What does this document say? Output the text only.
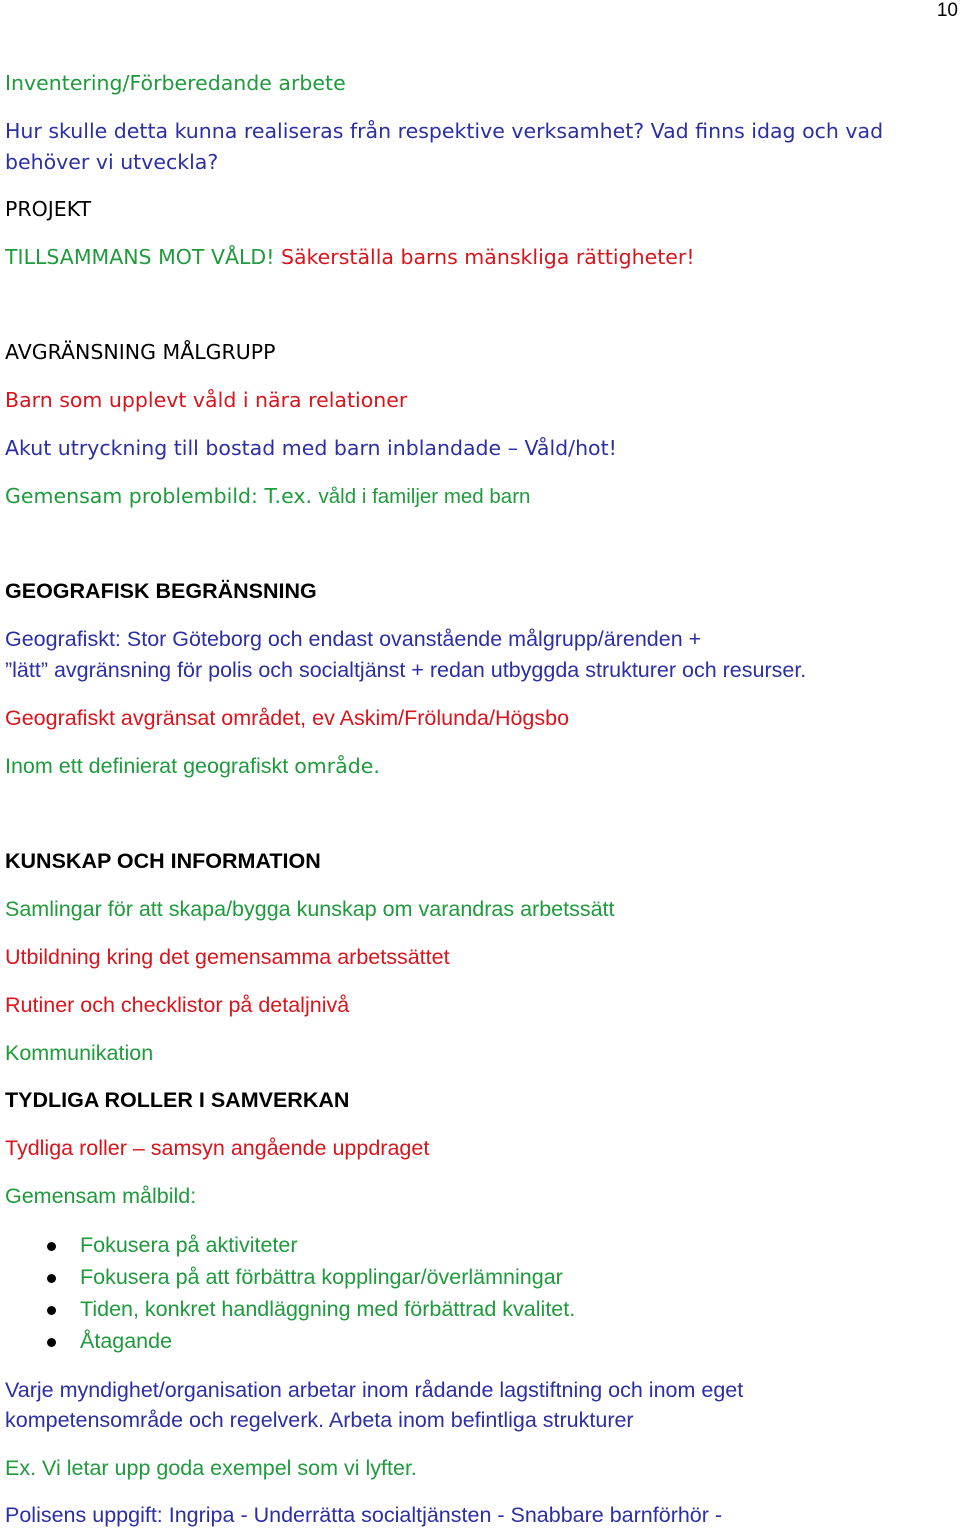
10
Inventering/Förberedande arbete
Hur skulle detta kunna realiseras från respektive verksamhet? Vad finns idag och vad
behöver vi utveckla?
PROJEKT
TILLSAMMANS MOT VÅLD! Säkerställa barns mänskliga rättigheter!
AVGRÄNSNING MÅLGRUPP
Barn som upplevt våld i nära relationer
Akut utryckning till bostad med barn inblandade – Våld/hot!
Gemensam problembild: T.ex. våld i familjer med barn
GEOGRAFISK BEGRÄNSNING
Geografiskt: Stor Göteborg och endast ovanstående målgrupp/ärenden +
”lätt” avgränsning för polis och socialtjänst + redan utbyggda strukturer och resurser.
Geografiskt avgränsat området, ev Askim/Frölunda/Högsbo
Inom ett definierat geografiskt område.
KUNSKAP OCH INFORMATION
Samlingar för att skapa/bygga kunskap om varandras arbetssätt
Utbildning kring det gemensamma arbetssättet
Rutiner och checklistor på detaljnivå
Kommunikation
TYDLIGA ROLLER I SAMVERKAN
Tydliga roller – samsyn angående uppdraget
Gemensam målbild:
Fokusera på aktiviteter
Fokusera på att förbättra kopplingar/överlämningar
Tiden, konkret handläggning med förbättrad kvalitet.
Åtagande
Varje myndighet/organisation arbetar inom rådande lagstiftning och inom eget
kompetensområde och regelverk. Arbeta inom befintliga strukturer
Ex. Vi letar upp goda exempel som vi lyfter.
Polisens uppgift: Ingripa - Underrätta socialtjänsten - Snabbare barnförhör -
